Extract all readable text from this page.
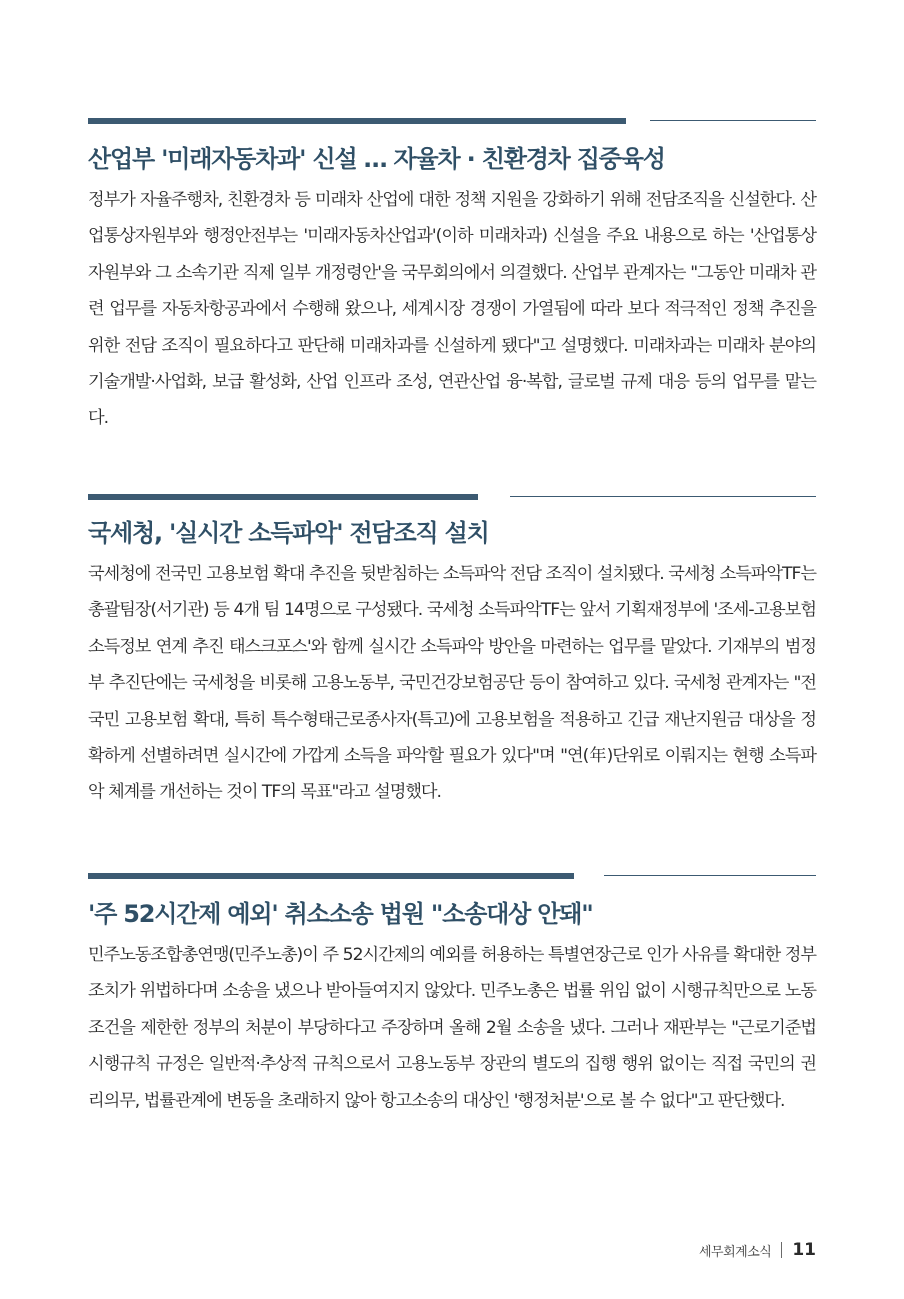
산업부 '미래자동차과' 신설 … 자율차 · 친환경차 집중육성

정부가 자율주행차, 친환경차 등 미래차 산업에 대한 정책 지원을 강화하기 위해 전담조직을 신설한다. 산업통상자원부와 행정안전부는 '미래자동차산업과'(이하 미래차과) 신설을 주요 내용으로 하는 '산업통상자원부와 그 소속기관 직제 일부 개정령안'을 국무회의에서 의결했다. 산업부 관계자는 "그동안 미래차 관련 업무를 자동차항공과에서 수행해 왔으나, 세계시장 경쟁이 가열됨에 따라 보다 적극적인 정책 추진을 위한 전담 조직이 필요하다고 판단해 미래차과를 신설하게 됐다"고 설명했다. 미래차과는 미래차 분야의 기술개발·사업화, 보급 활성화, 산업 인프라 조성, 연관산업 융·복합, 글로벌 규제 대응 등의 업무를 맡는다.

국세청, '실시간 소득파악' 전담조직 설치

국세청에 전국민 고용보험 확대 추진을 뒷받침하는 소득파악 전담 조직이 설치됐다. 국세청 소득파악TF는 총괄팀장(서기관) 등 4개 팀 14명으로 구성됐다. 국세청 소득파악TF는 앞서 기획재정부에 '조세-고용보험 소득정보 연계 추진 태스크포스'와 함께 실시간 소득파악 방안을 마련하는 업무를 맡았다. 기재부의 범정부 추진단에는 국세청을 비롯해 고용노동부, 국민건강보험공단 등이 참여하고 있다. 국세청 관계자는 "전국민 고용보험 확대, 특히 특수형태근로종사자(특고)에 고용보험을 적용하고 긴급 재난지원금 대상을 정확하게 선별하려면 실시간에 가깝게 소득을 파악할 필요가 있다"며 "연(年)단위로 이뤄지는 현행 소득파악 체계를 개선하는 것이 TF의 목표"라고 설명했다.

'주 52시간제 예외' 취소소송 법원 "소송대상 안돼"

민주노동조합총연맹(민주노총)이 주 52시간제의 예외를 허용하는 특별연장근로 인가 사유를 확대한 정부 조치가 위법하다며 소송을 냈으나 받아들여지지 않았다. 민주노총은 법률 위임 없이 시행규칙만으로 노동 조건을 제한한 정부의 처분이 부당하다고 주장하며 올해 2월 소송을 냈다. 그러나 재판부는 "근로기준법 시행규칙 규정은 일반적·추상적 규칙으로서 고용노동부 장관의 별도의 집행 행위 없이는 직접 국민의 권리의무, 법률관계에 변동을 초래하지 않아 항고소송의 대상인 '행정처분'으로 볼 수 없다"고 판단했다.

세무회계소식 11
